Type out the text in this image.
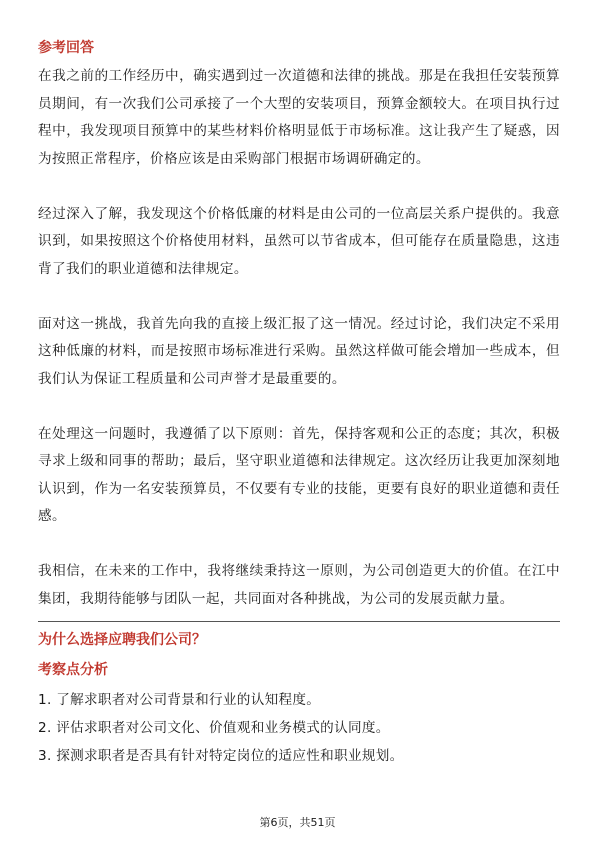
参考回答

在我之前的工作经历中，确实遇到过一次道德和法律的挑战。那是在我担任安装预算员期间，有一次我们公司承接了一个大型的安装项目，预算金额较大。在项目执行过程中，我发现项目预算中的某些材料价格明显低于市场标准。这让我产生了疑惑，因为按照正常程序，价格应该是由采购部门根据市场调研确定的。

经过深入了解，我发现这个价格低廉的材料是由公司的一位高层关系户提供的。我意识到，如果按照这个价格使用材料，虽然可以节省成本，但可能存在质量隐患，这违背了我们的职业道德和法律规定。

面对这一挑战，我首先向我的直接上级汇报了这一情况。经过讨论，我们决定不采用这种低廉的材料，而是按照市场标准进行采购。虽然这样做可能会增加一些成本，但我们认为保证工程质量和公司声誉才是最重要的。

在处理这一问题时，我遵循了以下原则：首先，保持客观和公正的态度；其次，积极寻求上级和同事的帮助；最后，坚守职业道德和法律规定。这次经历让我更加深刻地认识到，作为一名安装预算员，不仅要有专业的技能，更要有良好的职业道德和责任感。

我相信，在未来的工作中，我将继续秉持这一原则，为公司创造更大的价值。在江中集团，我期待能够与团队一起，共同面对各种挑战，为公司的发展贡献力量。

为什么选择应聘我们公司？
考察点分析

1. 了解求职者对公司背景和行业的认知程度。

2. 评估求职者对公司文化、价值观和业务模式的认同度。

3. 探测求职者是否具有针对特定岗位的适应性和职业规划。

第6页，共51页
